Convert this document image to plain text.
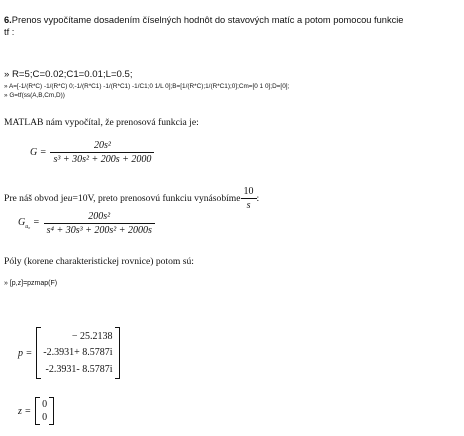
6.Prenos vypočítame dosadením číselných hodnôt do stavových matíc a potom pomocou funkcie
tf :
» R=5;C=0.02;C1=0.01;L=0.5;
» A=[-1/(R*C) -1/(R*C) 0;-1/(R*C1) -1/(R*C1) -1/C1;0 1/L 0];B=[1/(R*C);1/(R*C1);0];Cm=[0 1 0];D=[0];
» G=tf(ss(A,B,Cm,D))
MATLAB nám vypočítal, že prenosová funkcia je:
$G = \frac{\text{20s²}}{\text{s³ + 30s² + 200s + 2000}}$
Pre náš obvod je u =10V, preto prenosovú funkciu vynásobíme $\frac{10}{s}$ :
$G_{u_0} = \frac{\text{200s²}}{\text{s⁴ + 30s³ + 200s² + 2000s}}$
Póly (korene charakteristickej rovnice) potom sú:
» [p,z]=pzmap(F)
p =
− 25.2138
-2.3931+ 8.5787i
-2.3931- 8.5787i
z =
0
0
